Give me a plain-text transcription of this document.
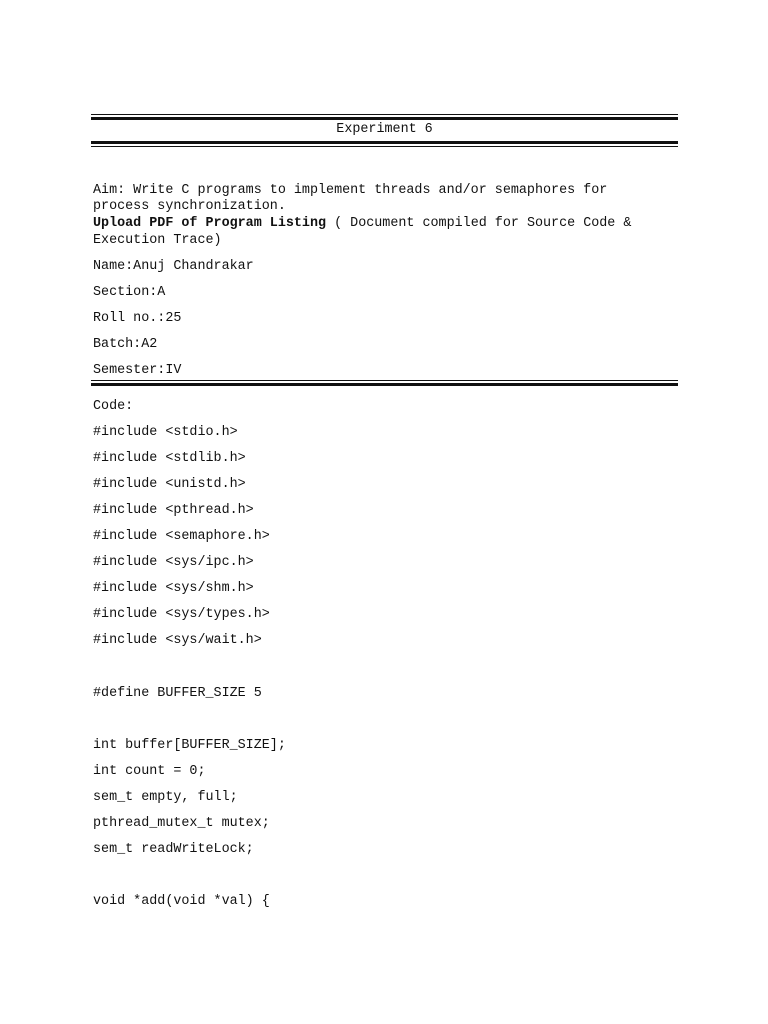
Experiment 6
Aim: Write C programs to implement threads and/or semaphores for
process synchronization.
Upload PDF of Program Listing ( Document compiled for Source Code &
Execution Trace)
Name:Anuj Chandrakar
Section:A
Roll no.:25
Batch:A2
Semester:IV
Code:
#include <stdio.h>
#include <stdlib.h>
#include <unistd.h>
#include <pthread.h>
#include <semaphore.h>
#include <sys/ipc.h>
#include <sys/shm.h>
#include <sys/types.h>
#include <sys/wait.h>
#define BUFFER_SIZE 5
int buffer[BUFFER_SIZE];
int count = 0;
sem_t empty, full;
pthread_mutex_t mutex;
sem_t readWriteLock;
void *add(void *val) {
